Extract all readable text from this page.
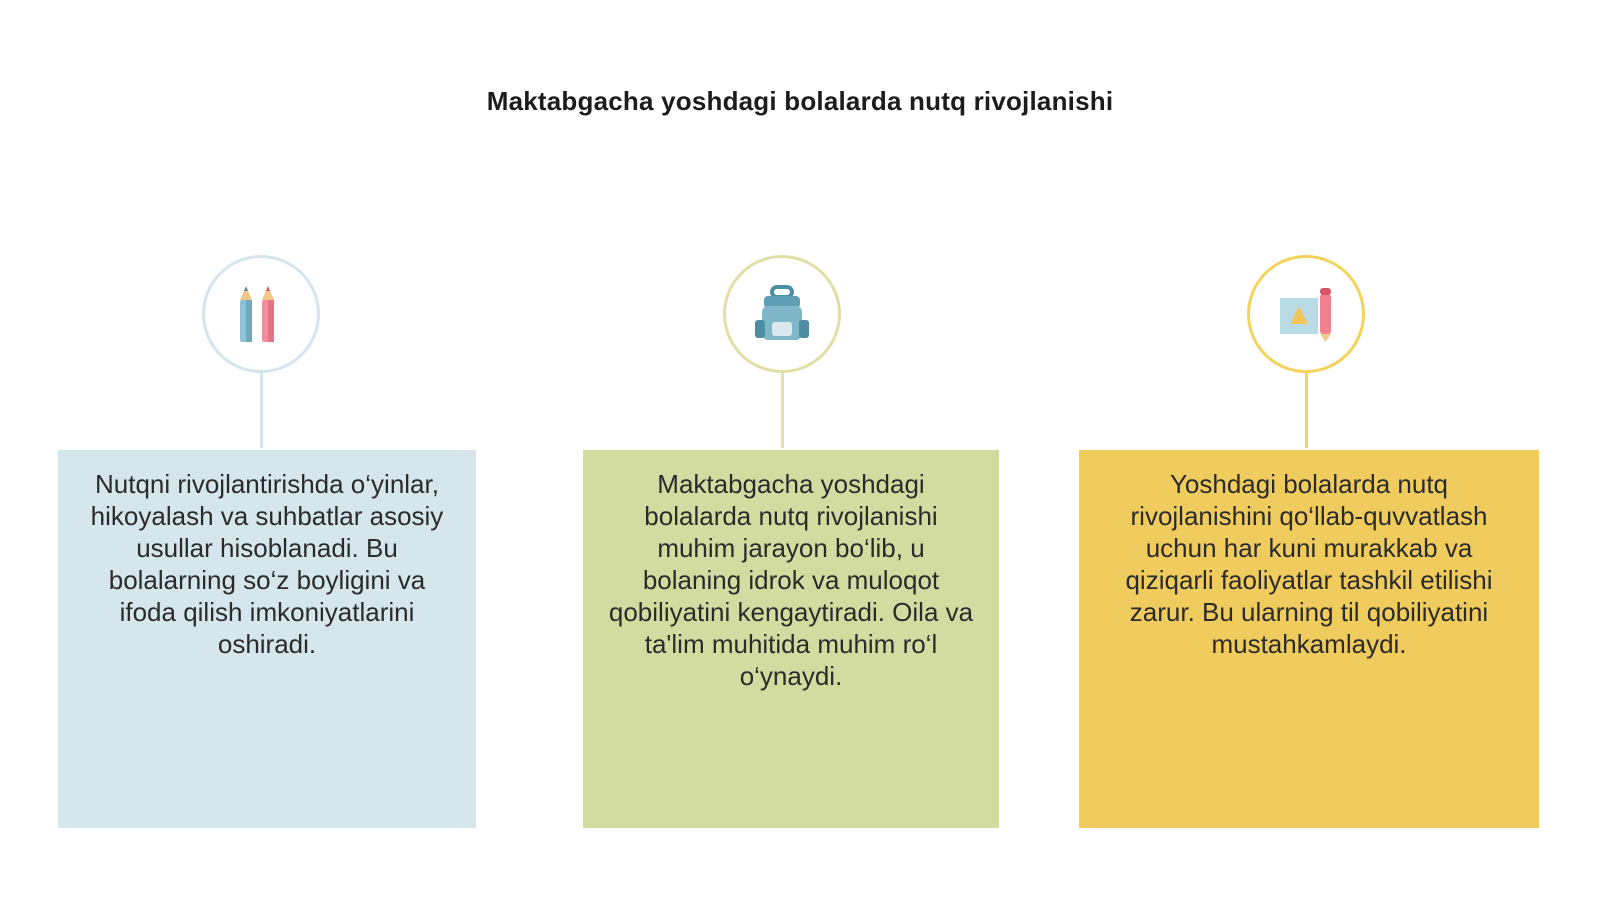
Maktabgacha yoshdagi bolalarda nutq rivojlanishi
Nutqni rivojlantirishda o‘yinlar, hikoyalash va suhbatlar asosiy usullar hisoblanadi. Bu bolalarning so‘z boyligini va ifoda qilish imkoniyatlarini oshiradi.
Maktabgacha yoshdagi bolalarda nutq rivojlanishi muhim jarayon bo‘lib, u bolaning idrok va muloqot qobiliyatini kengaytiradi. Oila va ta'lim muhitida muhim ro‘l o‘ynaydi.
Yoshdagi bolalarda nutq rivojlanishini qo‘llab-quvvatlash uchun har kuni murakkab va qiziqarli faoliyatlar tashkil etilishi zarur. Bu ularning til qobiliyatini mustahkamlaydi.
